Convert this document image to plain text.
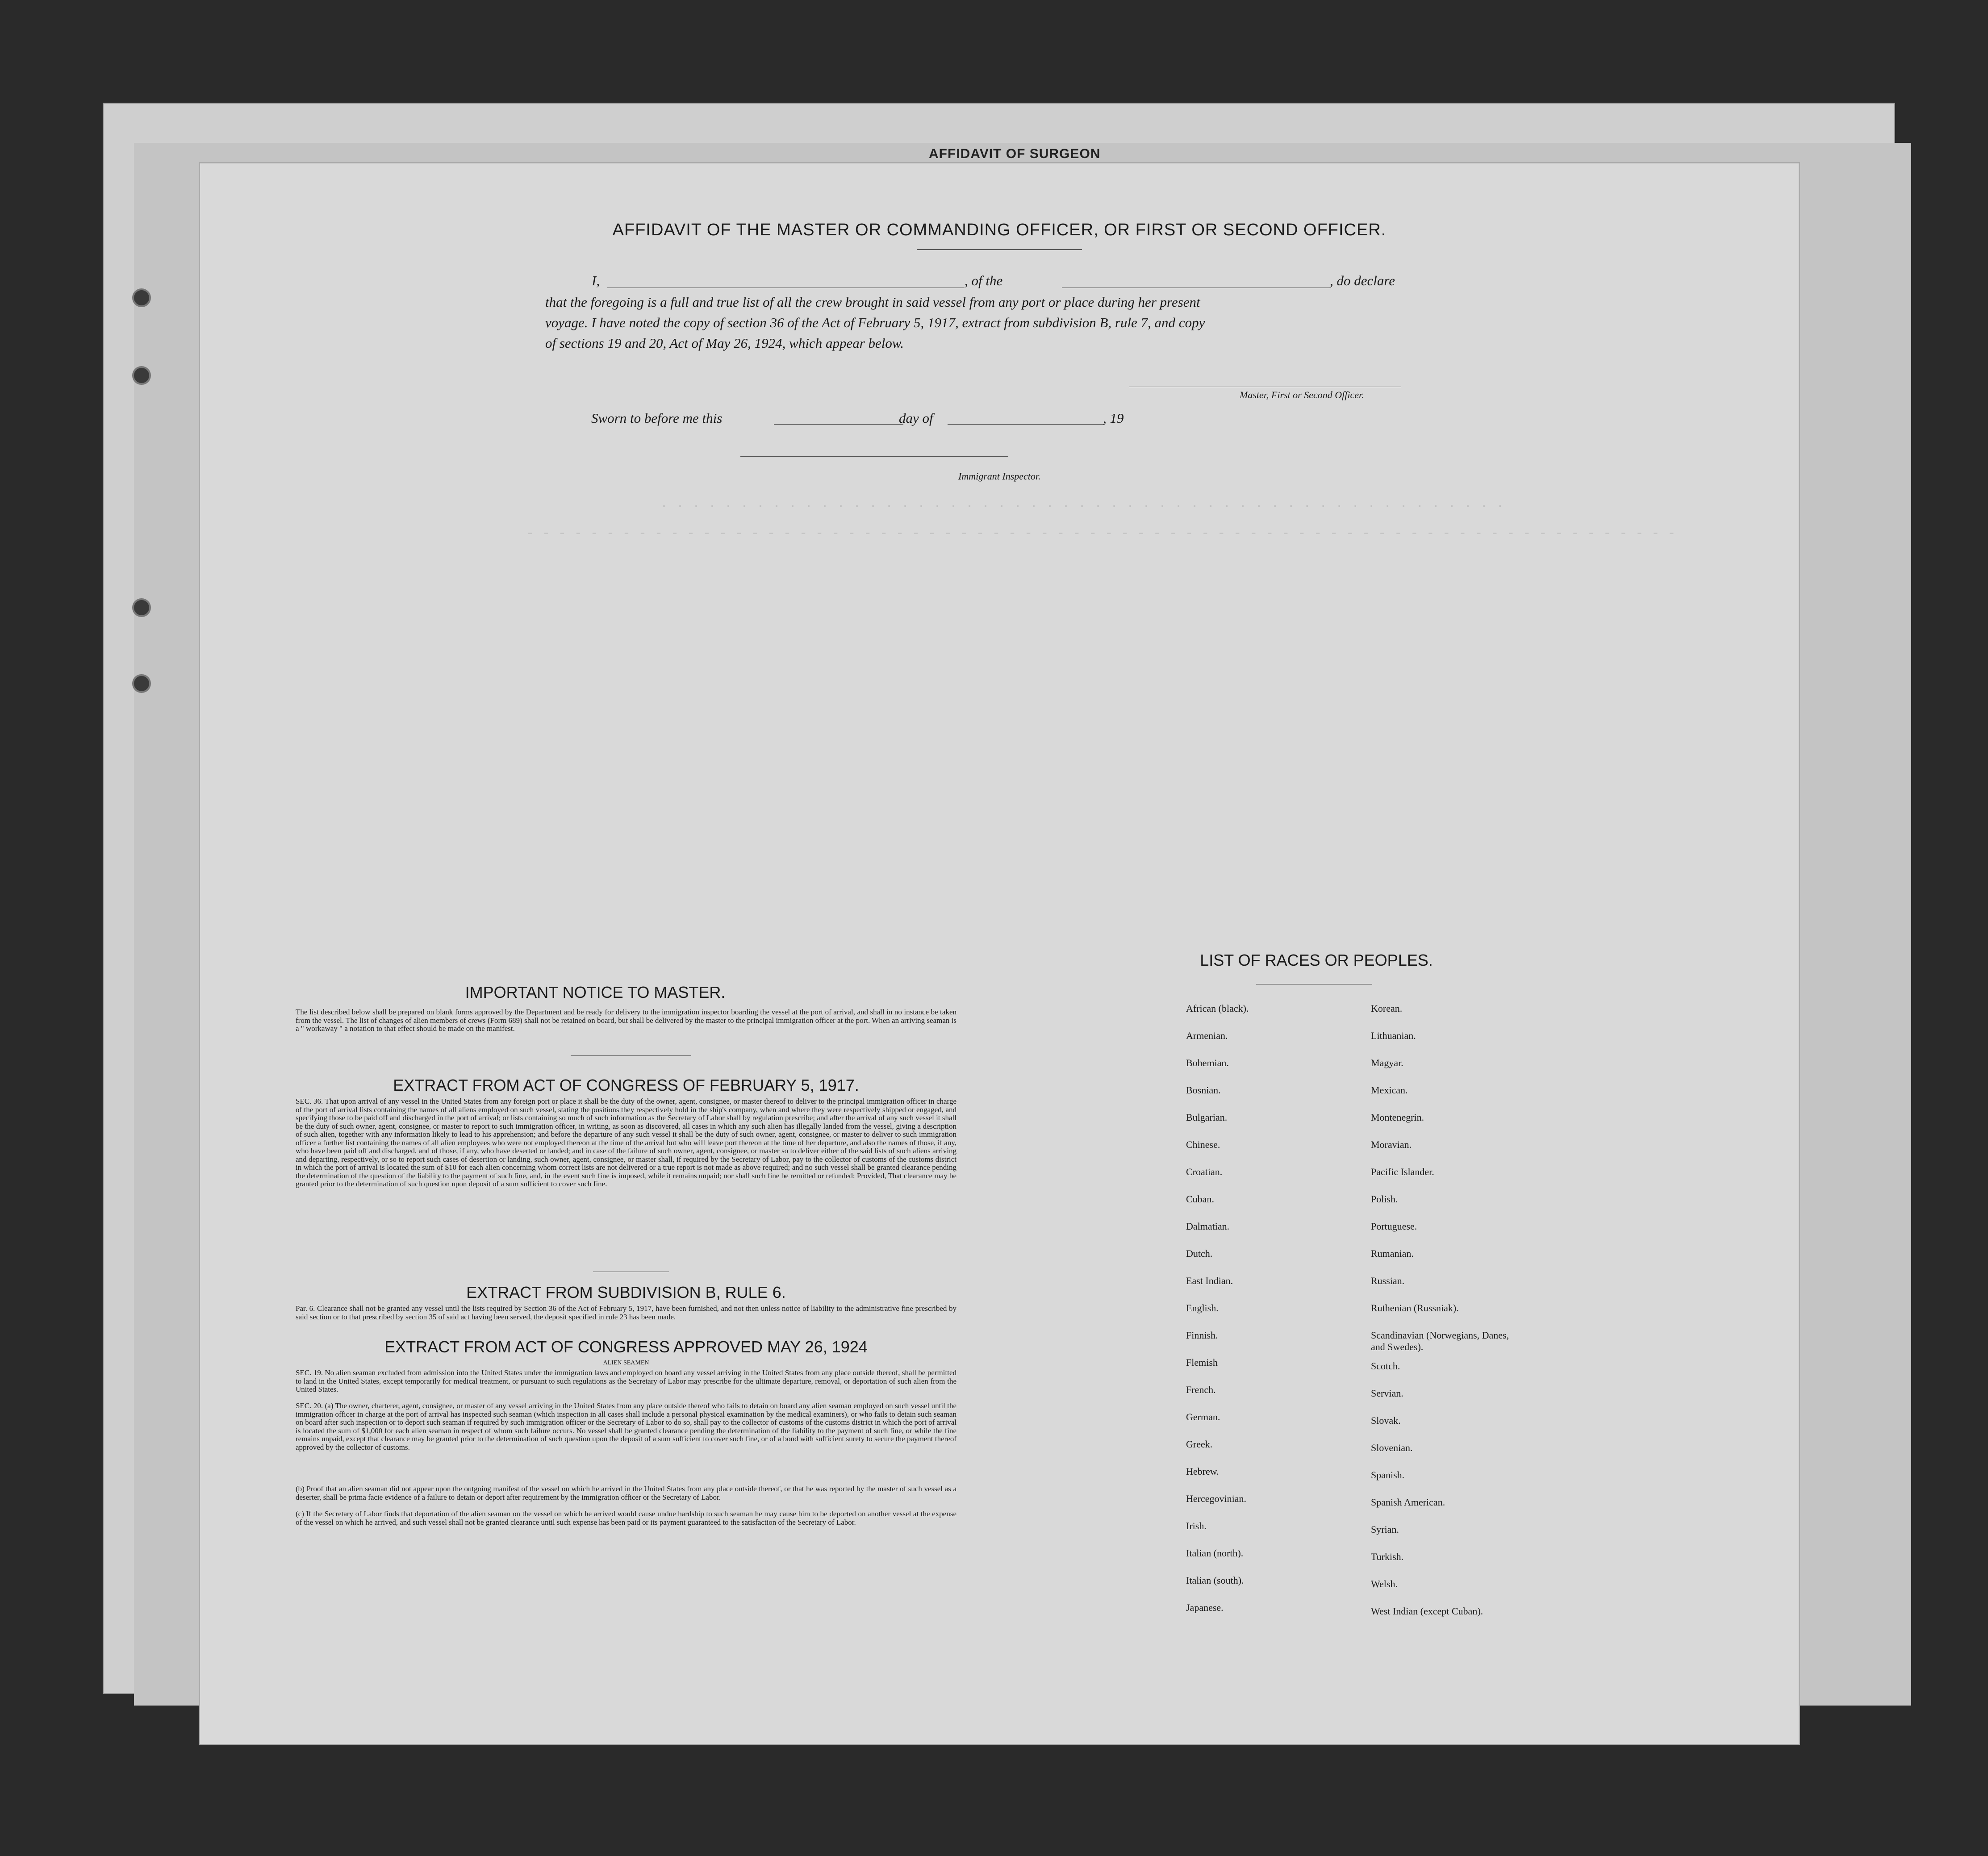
AFFIDAVIT OF SURGEON
AFFIDAVIT OF THE MASTER OR COMMANDING OFFICER, OR FIRST OR SECOND OFFICER.
I,	, of the	, do declare
that the foregoing is a full and true list of all the crew brought in said vessel from any port or place during her present
voyage. I have noted the copy of section 36 of the Act of February 5, 1917, extract from subdivision B, rule 7, and copy
of sections 19 and 20, Act of May 26, 1924, which appear below.
Master, First or Second Officer.
Sworn to before me this	day of	, 19
Immigrant Inspector.
. . . . . . . . . . . . . . . . . . . . . . . . . . . . . . . . . . . . . . . . . . . . . . . . . . . . .
- - - - - - - - - - - - - - - - - - - - - - - - - - - - - - - - - - - - - - - - - - - - - - - - - - - - - - - - - - - - - - - - - - - - - - - -
IMPORTANT NOTICE TO MASTER.
The list described below shall be prepared on blank forms approved by the Department and be ready for delivery to the immigration inspector boarding the vessel at the port of arrival, and shall in no instance be taken from the vessel. The list of changes of alien members of crews (Form 689) shall not be retained on board, but shall be delivered by the master to the principal immigration officer at the port. When an arriving seaman is a " workaway " a notation to that effect should be made on the manifest.
EXTRACT FROM ACT OF CONGRESS OF FEBRUARY 5, 1917.
SEC. 36. That upon arrival of any vessel in the United States from any foreign port or place it shall be the duty of the owner, agent, consignee, or master thereof to deliver to the principal immigration officer in charge of the port of arrival lists containing the names of all aliens employed on such vessel, stating the positions they respectively hold in the ship's company, when and where they were respectively shipped or engaged, and specifying those to be paid off and discharged in the port of arrival; or lists containing so much of such information as the Secretary of Labor shall by regulation prescribe; and after the arrival of any such vessel it shall be the duty of such owner, agent, consignee, or master to report to such immigration officer, in writing, as soon as discovered, all cases in which any such alien has illegally landed from the vessel, giving a description of such alien, together with any information likely to lead to his apprehension; and before the departure of any such vessel it shall be the duty of such owner, agent, consignee, or master to deliver to such immigration officer a further list containing the names of all alien employees who were not employed thereon at the time of the arrival but who will leave port thereon at the time of her departure, and also the names of those, if any, who have been paid off and discharged, and of those, if any, who have deserted or landed; and in case of the failure of such owner, agent, consignee, or master so to deliver either of the said lists of such aliens arriving and departing, respectively, or so to report such cases of desertion or landing, such owner, agent, consignee, or master shall, if required by the Secretary of Labor, pay to the collector of customs of the customs district in which the port of arrival is located the sum of $10 for each alien concerning whom correct lists are not delivered or a true report is not made as above required; and no such vessel shall be granted clearance pending the determination of the question of the liability to the payment of such fine, and, in the event such fine is imposed, while it remains unpaid; nor shall such fine be remitted or refunded: Provided, That clearance may be granted prior to the determination of such question upon deposit of a sum sufficient to cover such fine.
EXTRACT FROM SUBDIVISION B, RULE 6.
Par. 6. Clearance shall not be granted any vessel until the lists required by Section 36 of the Act of February 5, 1917, have been furnished, and not then unless notice of liability to the administrative fine prescribed by said section or to that prescribed by section 35 of said act having been served, the deposit specified in rule 23 has been made.
EXTRACT FROM ACT OF CONGRESS APPROVED MAY 26, 1924
ALIEN SEAMEN
SEC. 19. No alien seaman excluded from admission into the United States under the immigration laws and employed on board any vessel arriving in the United States from any place outside thereof, shall be permitted to land in the United States, except temporarily for medical treatment, or pursuant to such regulations as the Secretary of Labor may prescribe for the ultimate departure, removal, or deportation of such alien from the United States.
SEC. 20. (a) The owner, charterer, agent, consignee, or master of any vessel arriving in the United States from any place outside thereof who fails to detain on board any alien seaman employed on such vessel until the immigration officer in charge at the port of arrival has inspected such seaman (which inspection in all cases shall include a personal physical examination by the medical examiners), or who fails to detain such seaman on board after such inspection or to deport such seaman if required by such immigration officer or the Secretary of Labor to do so, shall pay to the collector of customs of the customs district in which the port of arrival is located the sum of $1,000 for each alien seaman in respect of whom such failure occurs. No vessel shall be granted clearance pending the determination of the liability to the payment of such fine, or while the fine remains unpaid, except that clearance may be granted prior to the determination of such question upon the deposit of a sum sufficient to cover such fine, or of a bond with sufficient surety to secure the payment thereof approved by the collector of customs.
(b) Proof that an alien seaman did not appear upon the outgoing manifest of the vessel on which he arrived in the United States from any place outside thereof, or that he was reported by the master of such vessel as a deserter, shall be prima facie evidence of a failure to detain or deport after requirement by the immigration officer or the Secretary of Labor.
(c) If the Secretary of Labor finds that deportation of the alien seaman on the vessel on which he arrived would cause undue hardship to such seaman he may cause him to be deported on another vessel at the expense of the vessel on which he arrived, and such vessel shall not be granted clearance until such expense has been paid or its payment guaranteed to the satisfaction of the Secretary of Labor.
LIST OF RACES OR PEOPLES.
African (black).
Armenian.
Bohemian.
Bosnian.
Bulgarian.
Chinese.
Croatian.
Cuban.
Dalmatian.
Dutch.
East Indian.
English.
Finnish.
Flemish
French.
German.
Greek.
Hebrew.
Hercegovinian.
Irish.
Italian (north).
Italian (south).
Japanese.
Korean.
Lithuanian.
Magyar.
Mexican.
Montenegrin.
Moravian.
Pacific Islander.
Polish.
Portuguese.
Rumanian.
Russian.
Ruthenian (Russniak).
Scandinavian (Norwegians, Danes, and Swedes).
Scotch.
Servian.
Slovak.
Slovenian.
Spanish.
Spanish American.
Syrian.
Turkish.
Welsh.
West Indian (except Cuban).
